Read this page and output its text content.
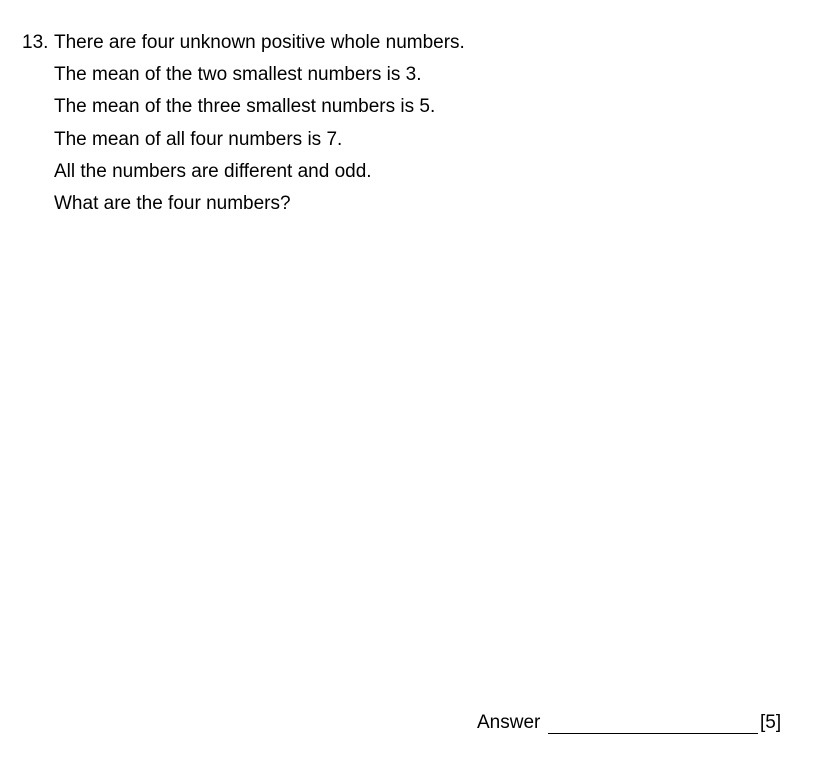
13. There are four unknown positive whole numbers.
The mean of the two smallest numbers is 3.
The mean of the three smallest numbers is 5.
The mean of all four numbers is 7.
All the numbers are different and odd.
What are the four numbers?
Answer	[5]
